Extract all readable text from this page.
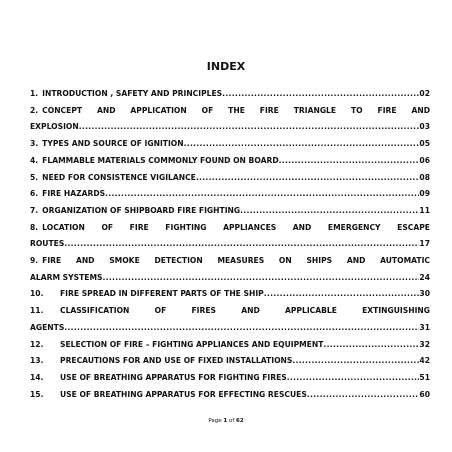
INDEX
1. INTRODUCTION , SAFETY AND PRINCIPLES .....	02
2. CONCEPT AND APPLICATION OF THE FIRE TRIANGLE TO FIRE AND
EXPLOSION .....	03
3. TYPES AND SOURCE OF IGNITION .....	05
4. FLAMMABLE MATERIALS COMMONLY FOUND ON BOARD .....	06
5. NEED FOR CONSISTENCE VIGILANCE .....	08
6. FIRE HAZARDS .....	09
7. ORGANIZATION OF SHIPBOARD FIRE FIGHTING .....	11
8. LOCATION OF FIRE FIGHTING APPLIANCES AND EMERGENCY ESCAPE
ROUTES .....	17
9. FIRE AND SMOKE DETECTION MEASURES ON SHIPS AND AUTOMATIC
ALARM SYSTEMS .....	24
10.	FIRE SPREAD IN DIFFERENT PARTS OF THE SHIP .....	30
11.	CLASSIFICATION OF FIRES AND APPLICABLE EXTINGUISHING
AGENTS .....	31
12.	SELECTION OF FIRE – FIGHTING APPLIANCES AND EQUIPMENT .....	32
13.	PRECAUTIONS FOR AND USE OF FIXED INSTALLATIONS .....	42
14.	USE OF BREATHING APPARATUS FOR FIGHTING FIRES .....	51
15.	USE OF BREATHING APPARATUS FOR EFFECTING RESCUES .....	60
Page 1 of 62
